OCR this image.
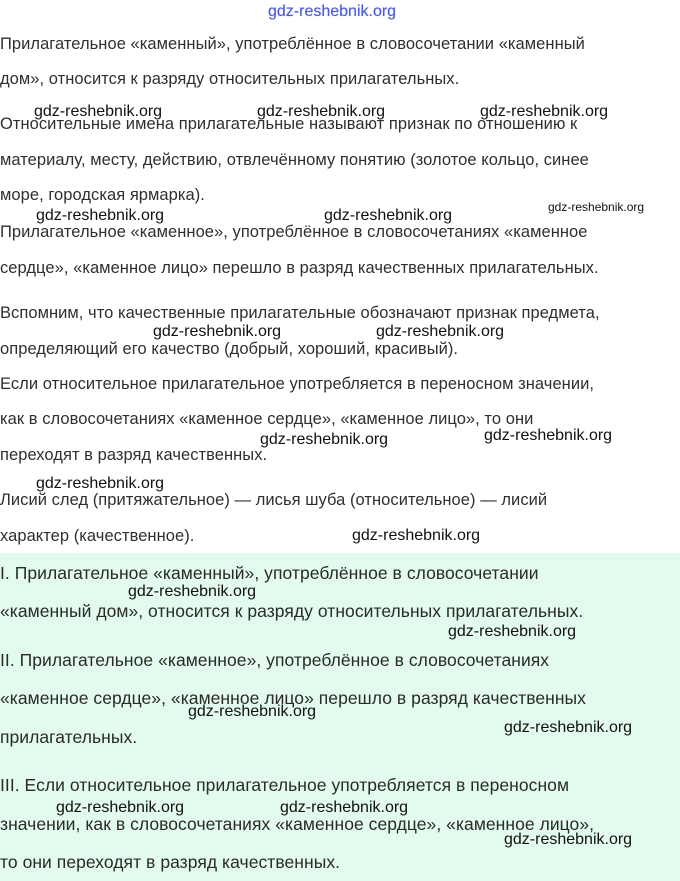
Прилагательное «каменный», употреблённое в словосочетании «каменный
дом», относится к разряду относительных прилагательных.
Относительные имена прилагательные называют признак по отношению к
материалу, месту, действию, отвлечённому понятию (золотое кольцо, синее
море, городская ярмарка).
Прилагательное «каменное», употреблённое в словосочетаниях «каменное
сердце», «каменное лицо» перешло в разряд качественных прилагательных.
Вспомним, что качественные прилагательные обозначают признак предмета,
определяющий его качество (добрый, хороший, красивый).
Если относительное прилагательное употребляется в переносном значении,
как в словосочетаниях «каменное сердце», «каменное лицо», то они
переходят в разряд качественных.
Лисий след (притяжательное) — лисья шуба (относительное) — лисий
характер (качественное).
I. Прилагательное «каменный», употреблённое в словосочетании
«каменный дом», относится к разряду относительных прилагательных.
II. Прилагательное «каменное», употреблённое в словосочетаниях
«каменное сердце», «каменное лицо» перешло в разряд качественных
прилагательных.
III. Если относительное прилагательное употребляется в переносном
значении, как в словосочетаниях «каменное сердце», «каменное лицо»,
то они переходят в разряд качественных.
gdz-reshebnik.org
gdz-reshebnik.org	gdz-reshebnik.org	gdz-reshebnik.org
gdz-reshebnik.org	gdz-reshebnik.org	gdz-reshebnik.org
gdz-reshebnik.org	gdz-reshebnik.org
gdz-reshebnik.org	gdz-reshebnik.org
gdz-reshebnik.org
gdz-reshebnik.org
gdz-reshebnik.org
gdz-reshebnik.org
gdz-reshebnik.org
gdz-reshebnik.org
gdz-reshebnik.org	gdz-reshebnik.org
gdz-reshebnik.org
